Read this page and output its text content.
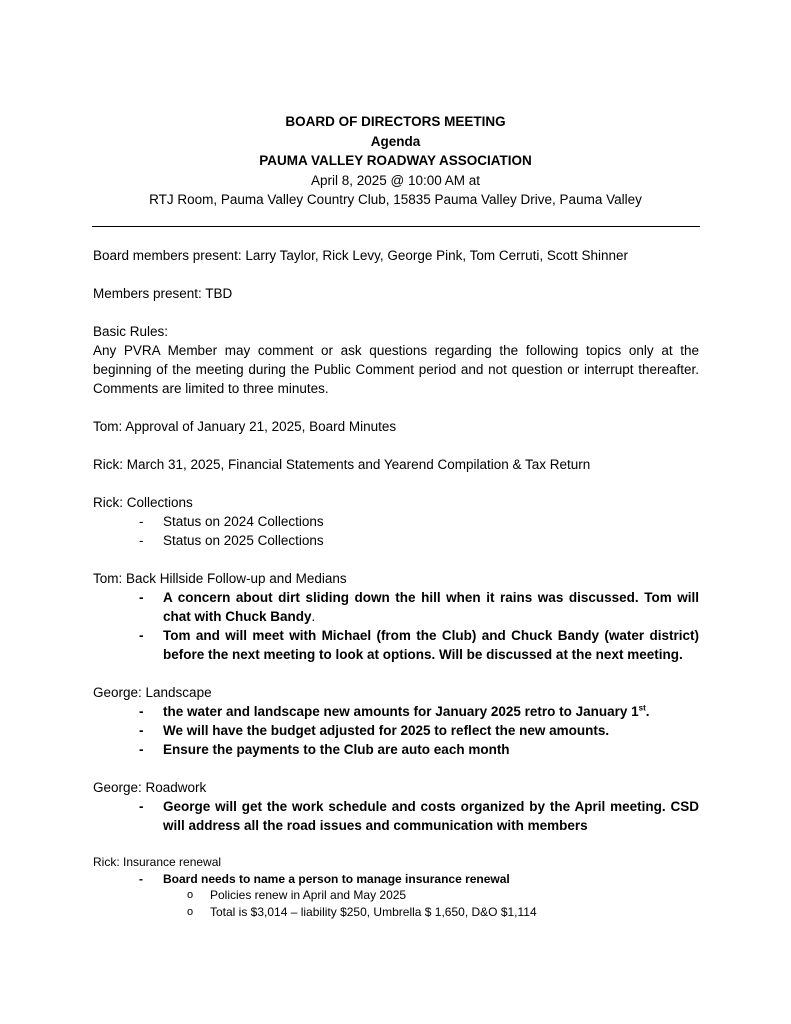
BOARD OF DIRECTORS MEETING
Agenda
PAUMA VALLEY ROADWAY ASSOCIATION
April 8, 2025 @ 10:00 AM at
RTJ Room, Pauma Valley Country Club, 15835 Pauma Valley Drive, Pauma Valley

Board members present: Larry Taylor, Rick Levy, George Pink, Tom Cerruti, Scott Shinner

Members present: TBD

Basic Rules:

Any PVRA Member may comment or ask questions regarding the following topics only at the beginning of the meeting during the Public Comment period and not question or interrupt thereafter. Comments are limited to three minutes.

Tom: Approval of January 21, 2025, Board Minutes

Rick: March 31, 2025, Financial Statements and Yearend Compilation & Tax Return

Rick: Collections

- Status on 2024 Collections
- Status on 2025 Collections

Tom: Back Hillside Follow-up and Medians

- A concern about dirt sliding down the hill when it rains was discussed. Tom will chat with Chuck Bandy.
- Tom and will meet with Michael (from the Club) and Chuck Bandy (water district) before the next meeting to look at options. Will be discussed at the next meeting.

George: Landscape

- the water and landscape new amounts for January 2025 retro to January 1st.
- We will have the budget adjusted for 2025 to reflect the new amounts.
- Ensure the payments to the Club are auto each month

George: Roadwork

- George will get the work schedule and costs organized by the April meeting. CSD will address all the road issues and communication with members

Rick: Insurance renewal

- Board needs to name a person to manage insurance renewal
o Policies renew in April and May 2025
o Total is $3,014 – liability $250, Umbrella $ 1,650, D&O $1,114
